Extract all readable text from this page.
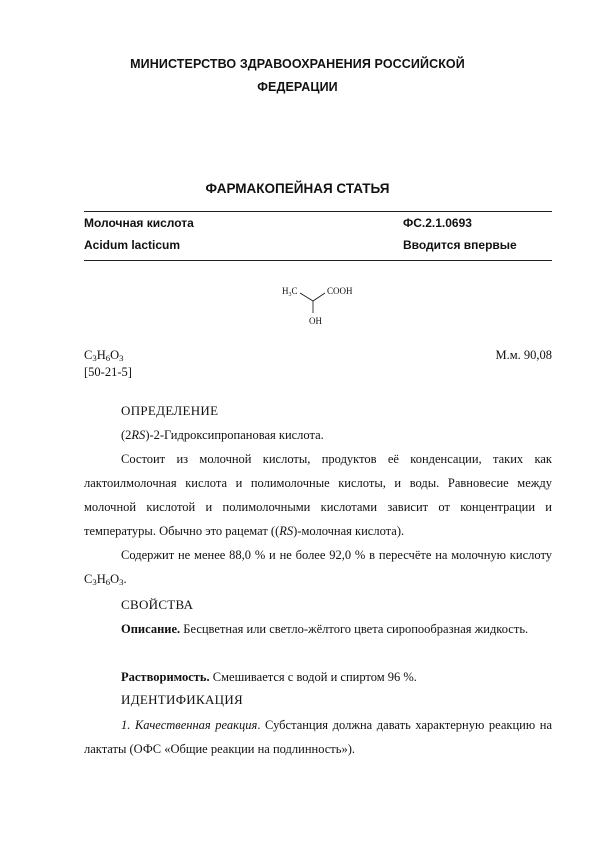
МИНИСТЕРСТВО ЗДРАВООХРАНЕНИЯ РОССИЙСКОЙ
ФЕДЕРАЦИИ
ФАРМАКОПЕЙНАЯ СТАТЬЯ
Молочная кислота	ФС.2.1.0693
Acidum lacticum	Вводится впервые
$H_3C$	COOH
OH
$C_3H_6O_3$	М.м. 90,08
[50-21-5]
ОПРЕДЕЛЕНИЕ
(2RS)-2-Гидроксипропановая кислота.
Состоит из молочной кислоты, продуктов её конденсации, таких как лактоилмолочная кислота и полимолочные кислоты, и воды. Равновесие между молочной кислотой и полимолочными кислотами зависит от концентрации и температуры. Обычно это рацемат ((RS)-молочная кислота).
Содержит не менее 88,0 % и не более 92,0 % в пересчёте на молочную кислоту $C_3H_6O_3$.
СВОЙСТВА
Описание. Бесцветная или светло-жёлтого цвета сиропообразная жидкость.
Растворимость. Смешивается с водой и спиртом 96 %.
ИДЕНТИФИКАЦИЯ
1. Качественная реакция. Субстанция должна давать характерную реакцию на лактаты (ОФС «Общие реакции на подлинность»).
